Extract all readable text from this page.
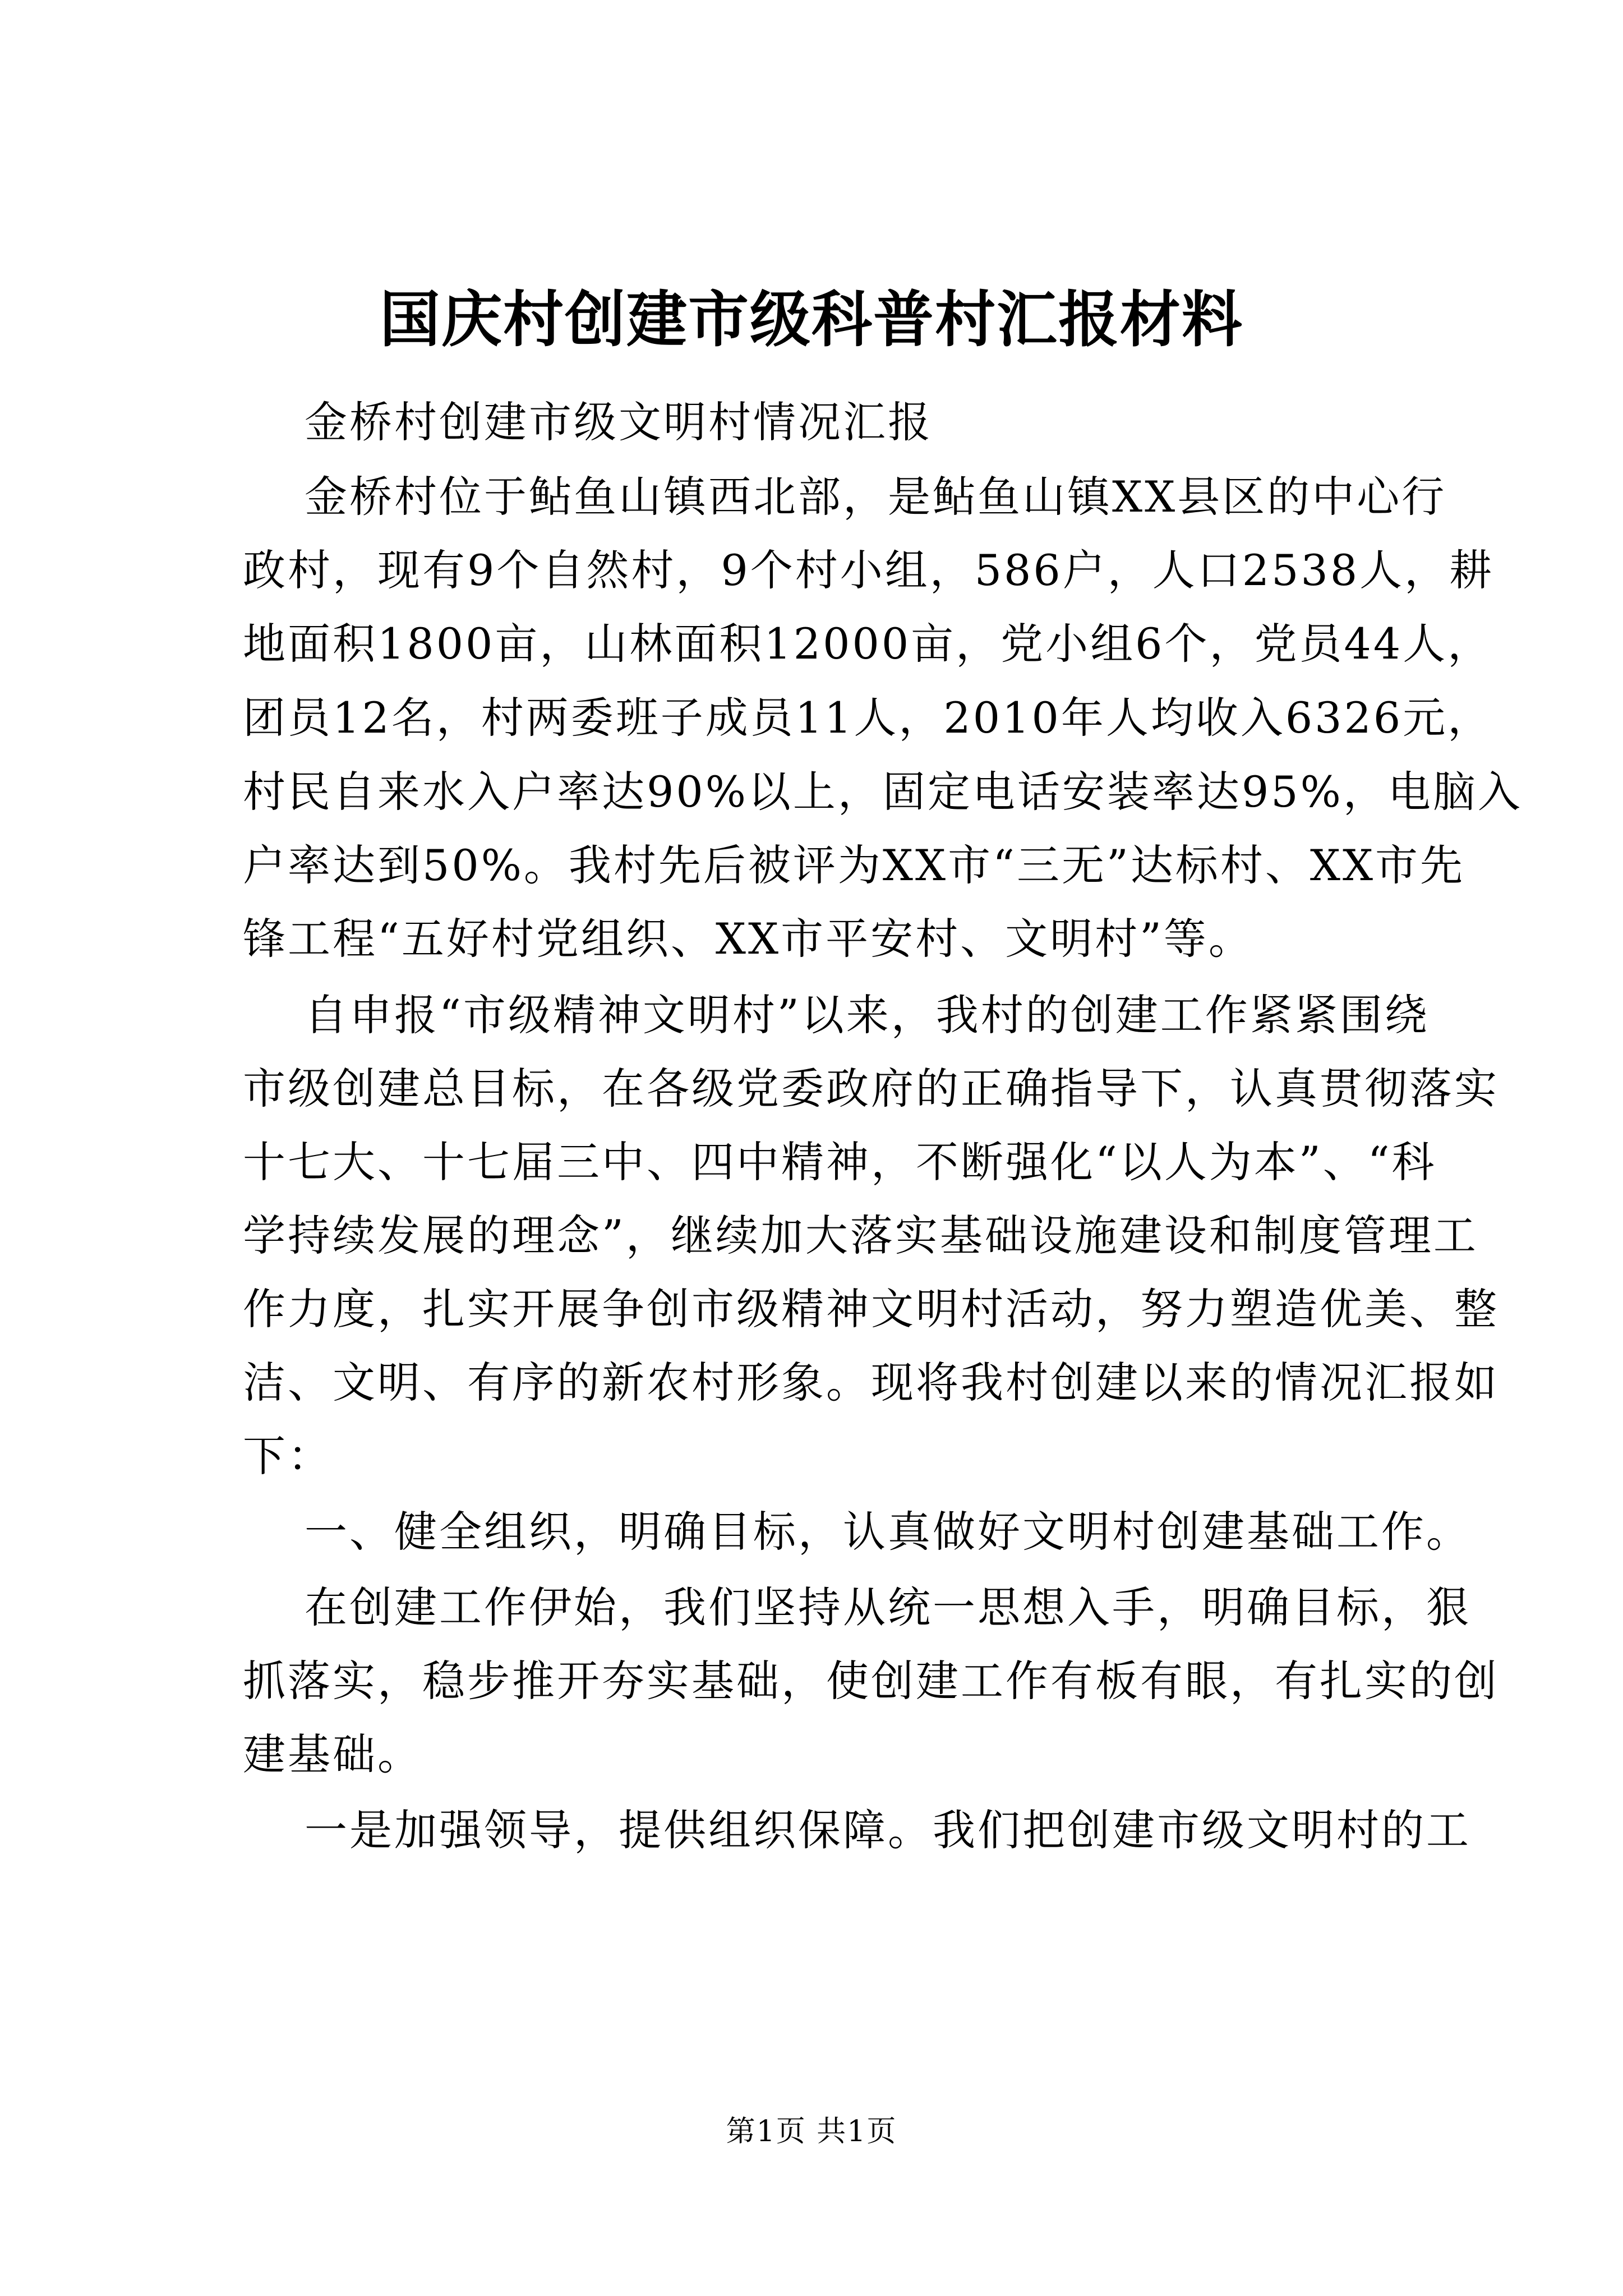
国庆村创建市级科普村汇报材料
金桥村创建市级文明村情况汇报
金桥村位于鲇鱼山镇西北部，是鲇鱼山镇XX县区的中心行
政村，现有9个自然村，9个村小组，586户，人口2538人，耕
地面积1800亩，山林面积12000亩，党小组6个，党员44人，
团员12名，村两委班子成员11人，2010年人均收入6326元，
村民自来水入户率达90%以上，固定电话安装率达95%，电脑入
户率达到50%。我村先后被评为XX市“三无”达标村、XX市先
锋工程“五好村党组织、XX市平安村、文明村”等。
自申报“市级精神文明村”以来，我村的创建工作紧紧围绕
市级创建总目标，在各级党委政府的正确指导下，认真贯彻落实
十七大、十七届三中、四中精神，不断强化“以人为本”、“科
学持续发展的理念”，继续加大落实基础设施建设和制度管理工
作力度，扎实开展争创市级精神文明村活动，努力塑造优美、整
洁、文明、有序的新农村形象。现将我村创建以来的情况汇报如
下：
一、健全组织，明确目标，认真做好文明村创建基础工作。
在创建工作伊始，我们坚持从统一思想入手，明确目标，狠
抓落实，稳步推开夯实基础，使创建工作有板有眼，有扎实的创
建基础。
一是加强领导，提供组织保障。我们把创建市级文明村的工
第1页 共1页
